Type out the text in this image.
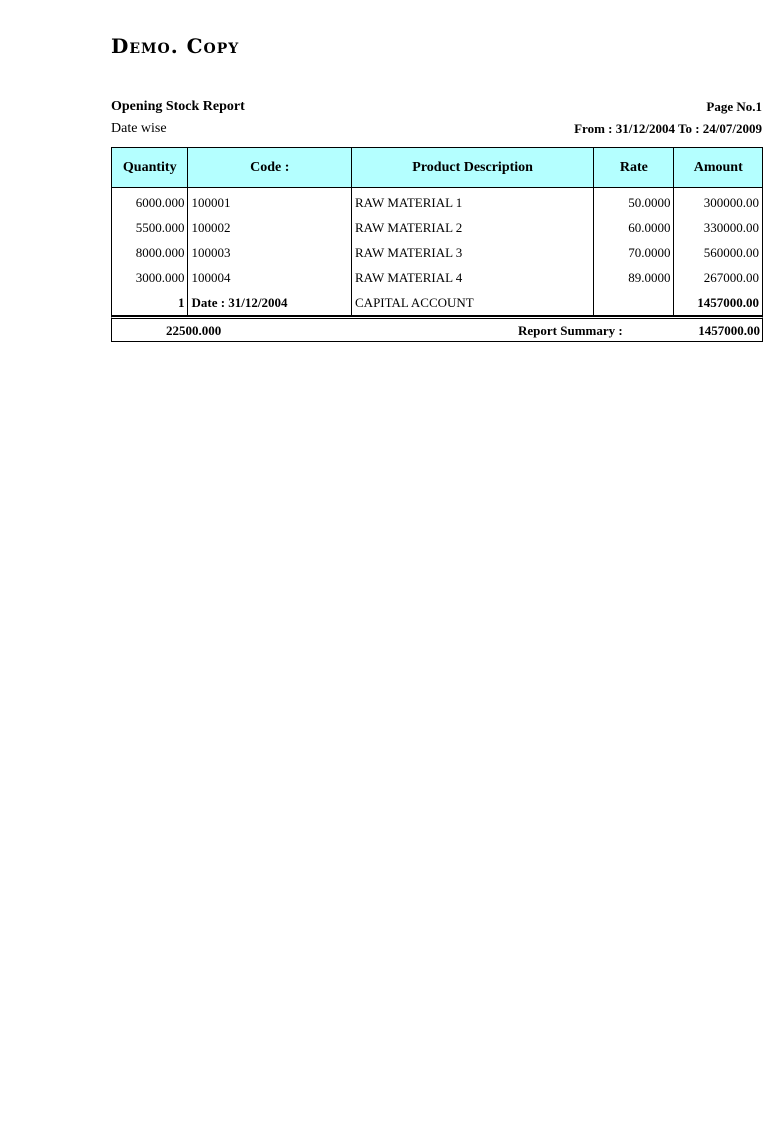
Demo. Copy
Opening Stock Report
Date wise
Page No.1
From : 31/12/2004 To : 24/07/2009
Quantity	Code :	Product Description	Rate	Amount
6000.000	100001	RAW MATERIAL 1	50.0000	300000.00
5500.000	100002	RAW MATERIAL 2	60.0000	330000.00
8000.000	100003	RAW MATERIAL 3	70.0000	560000.00
3000.000	100004	RAW MATERIAL 4	89.0000	267000.00
1	Date : 31/12/2004	CAPITAL ACCOUNT		1457000.00
22500.000	Report Summary :	1457000.00
